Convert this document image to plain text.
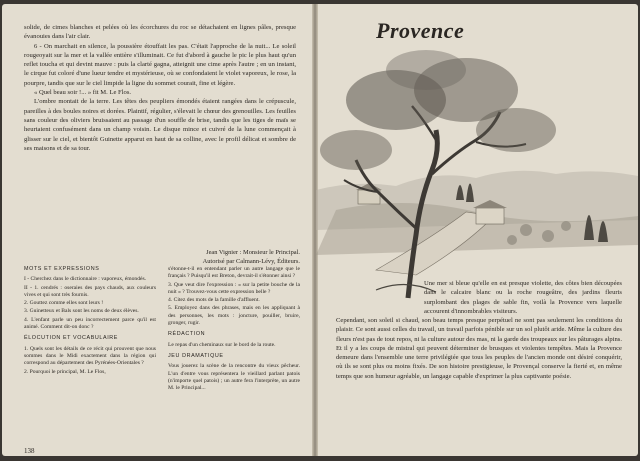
solide, de cimes blanches et pelées où les écorchures du roc se détachaient en lignes pâles, presque évanouies dans l'air clair.

6 - On marchait en silence, la poussière étouffait les pas. C'était l'approche de la nuit... Le soleil rougeoyait sur la mer et la vallée entière s'illuminait. Ce fut d'abord à gauche le pic le plus haut qu'un reflet toucha et qui devint mauve : puis la clarté gagna, atteignit une cime après l'autre ; en un instant, le cirque fut coloré d'une lueur tendre et mystérieuse, où se confondaient le violet vaporeux, le rose, la pourpre, tandis que sur le ciel limpide la ligne du sommet courait, fine et légère.

« Quel beau soir !... » fit M. Le Flos.

L'ombre montait de la terre. Les têtes des peupliers émondés étaient rangées dans le crépuscule, pareilles à des boules noires et dorées. Plaintif, régulier, s'élevait le chœur des grenouilles. Les feuilles sans couleur des oliviers bruissaient au passage d'un souffle de brise, tandis que les tiges de maïs se heurtaient confusément dans un champ voisin. Le disque mince et cuivré de la lune commençait à glisser sur le ciel, et bientôt Guinette apparut en haut de sa colline, avec le profil délicat et sombre de ses maisons et de sa tour.

Jean Vignier : Monsieur le Principal.
Autorisé par Calmann-Lévy, Éditeurs.
MOTS ET EXPRESSIONS

I - Cherchez dans le dictionnaire : vaporeux, émondés.

II - 1. cendrés : oseraies des pays chauds, aux couleurs vives et qui sont très fournis.

2. Gouttez comme elles sont leurs !

3. Guinetteux et Bals sont les noms de deux élèves.

4. L'enfant parle un peu incorrectement parce qu'il est animé. Comment dit-on donc ?

ÉLOCUTION ET VOCABULAIRE

1. Quels sont les détails de ce récit qui prouvent que nous sommes dans le Midi exactement dans la région qui correspond au département des Pyrénées-Orientales ?

2. Pourquoi le principal, M. Le Flos,

s'étonne-t-il en entendant parler un autre langage que le français ? Puisqu'il est Breton, devrait-il s'étonner ainsi ?

3. Que veut dire l'expression : « sur la petite bouche de la nuit » ? Trouvez-vous cette expression belle ?

4. Citez des mots de la famille d'affluent.

5. Employez dans des phrases, mais en les appliquant à des personnes, les mots : joncture, pouiller, bruire, gronger, rugir.

RÉDACTION

Le repas d'un cheminaux sur le bord de la route.

JEU DRAMATIQUE

Vous jouerez la scène de la rencontre du vieux pêcheur. L'un d'entre vous représentera le vieillard parlant patois (n'importe quel patois) ; un autre fera l'interprète, un autre M. le Principal...

138
Provence
Une mer si bleue qu'elle en est presque violette, des côtes bien découpées dans le calcaire blanc ou la roche rougeâtre, des jardins fleuris surplombant des plages de sable fin, voilà la Provence vers laquelle accourent d'innombrables visiteurs.
Cependant, son soleil si chaud, son beau temps presque perpétuel ne sont pas seulement les conditions du plaisir. Ce sont aussi celles du travail, un travail parfois pénible sur un sol plutôt aride. Même la culture des fleurs n'est pas de tout repos, ni la culture autour des mas, ni la garde des troupeaux sur les pâturages alpins. Et il y a les coups de mistral qui peuvent déterminer de brusques et violentes tempêtes. Mais la Provence demeure dans l'ensemble une terre privilégiée que tous les peuples de l'ancien monde ont désiré conquérir, où ils se sont plus ou moins fixés. De son histoire prestigieuse, le Provençal conserve la fierté et, en même temps que son humeur agréable, un langage capable d'exprimer la plus captivante poésie.
